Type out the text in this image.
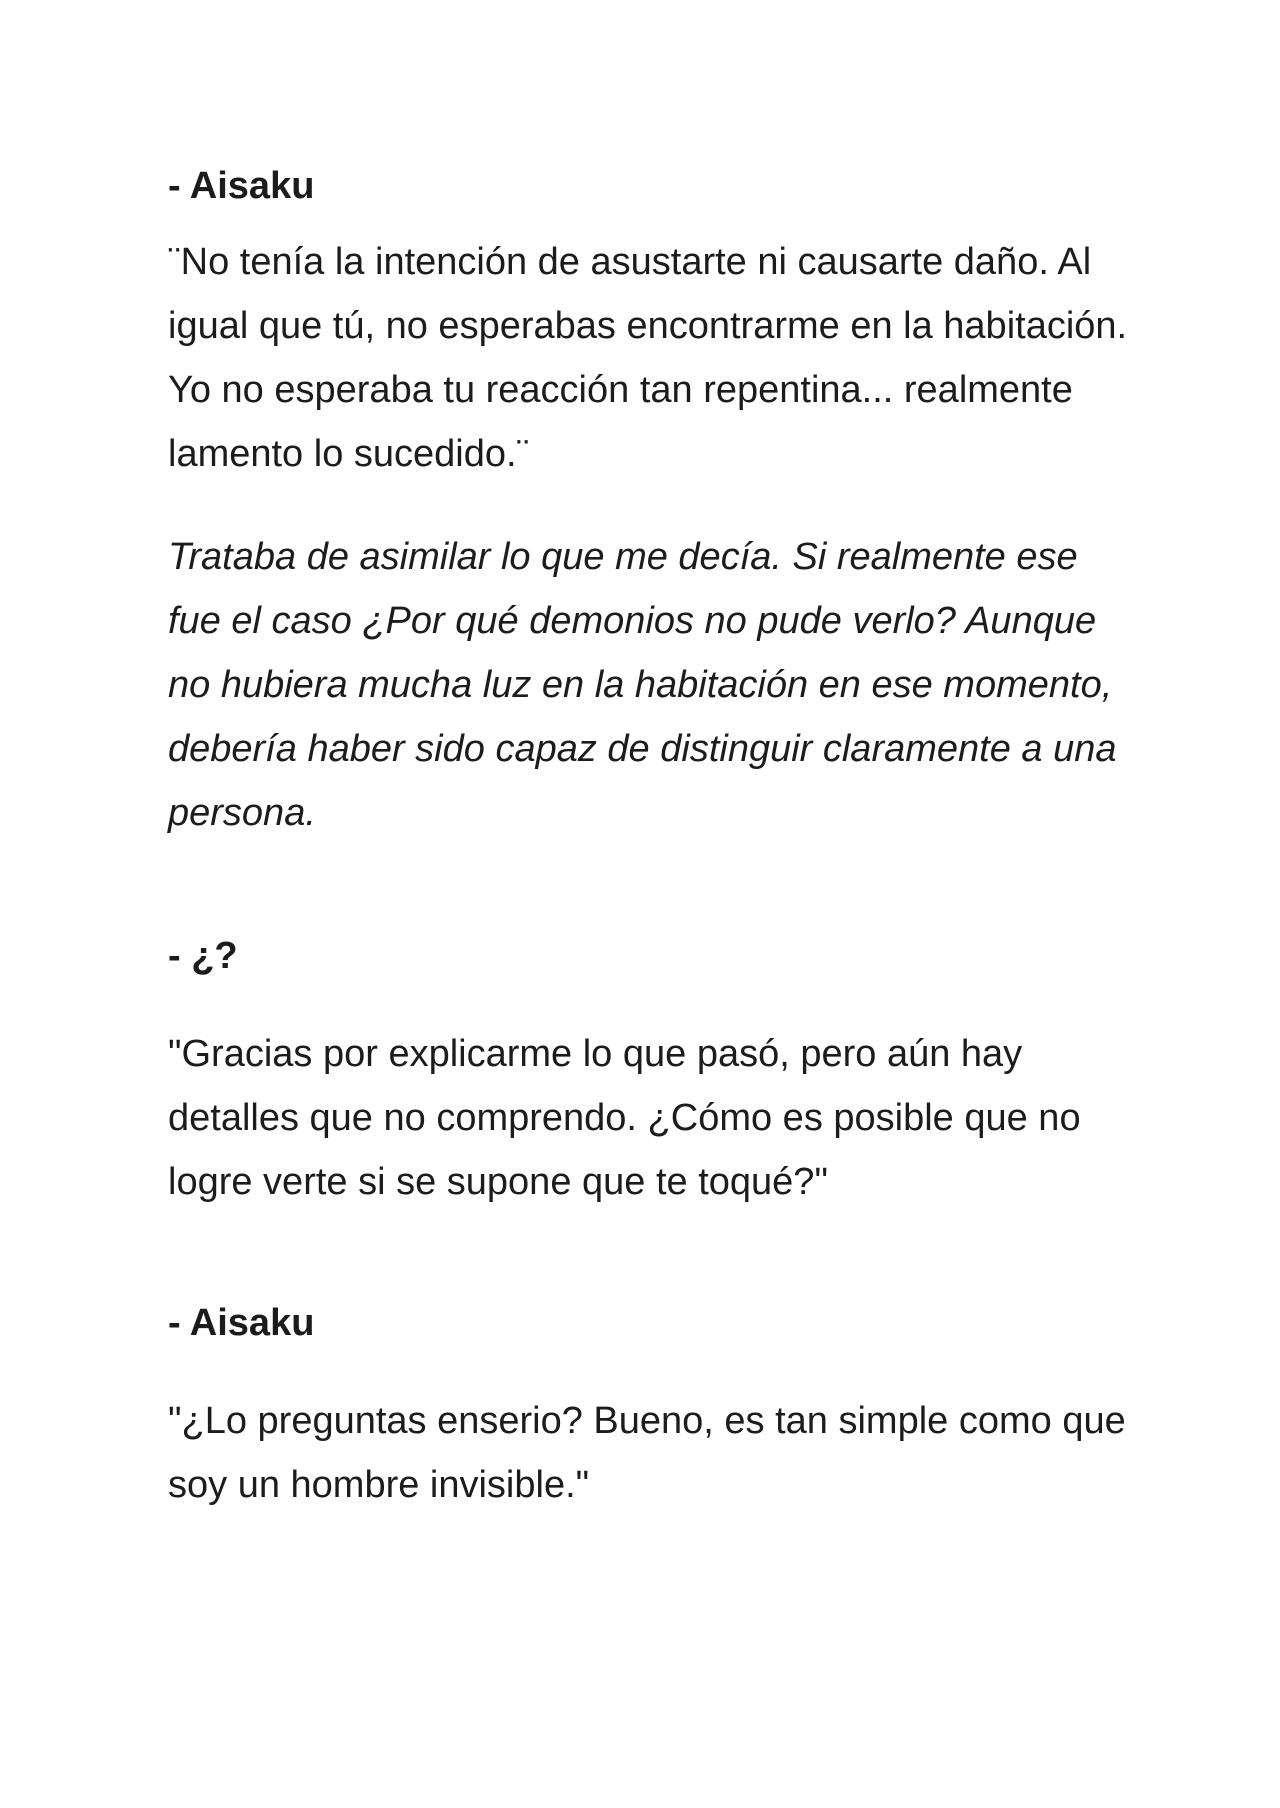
- Aisaku

¨No tenía la intención de asustarte ni causarte daño. Al igual que tú, no esperabas encontrarme en la habitación. Yo no esperaba tu reacción tan repentina... realmente lamento lo sucedido.¨

Trataba de asimilar lo que me decía. Si realmente ese fue el caso ¿Por qué demonios no pude verlo? Aunque no hubiera mucha luz en la habitación en ese momento, debería haber sido capaz de distinguir claramente a una persona.

- ¿?

"Gracias por explicarme lo que pasó, pero aún hay detalles que no comprendo. ¿Cómo es posible que no logre verte si se supone que te toqué?"

- Aisaku

"¿Lo preguntas enserio? Bueno, es tan simple como que soy un hombre invisible."
